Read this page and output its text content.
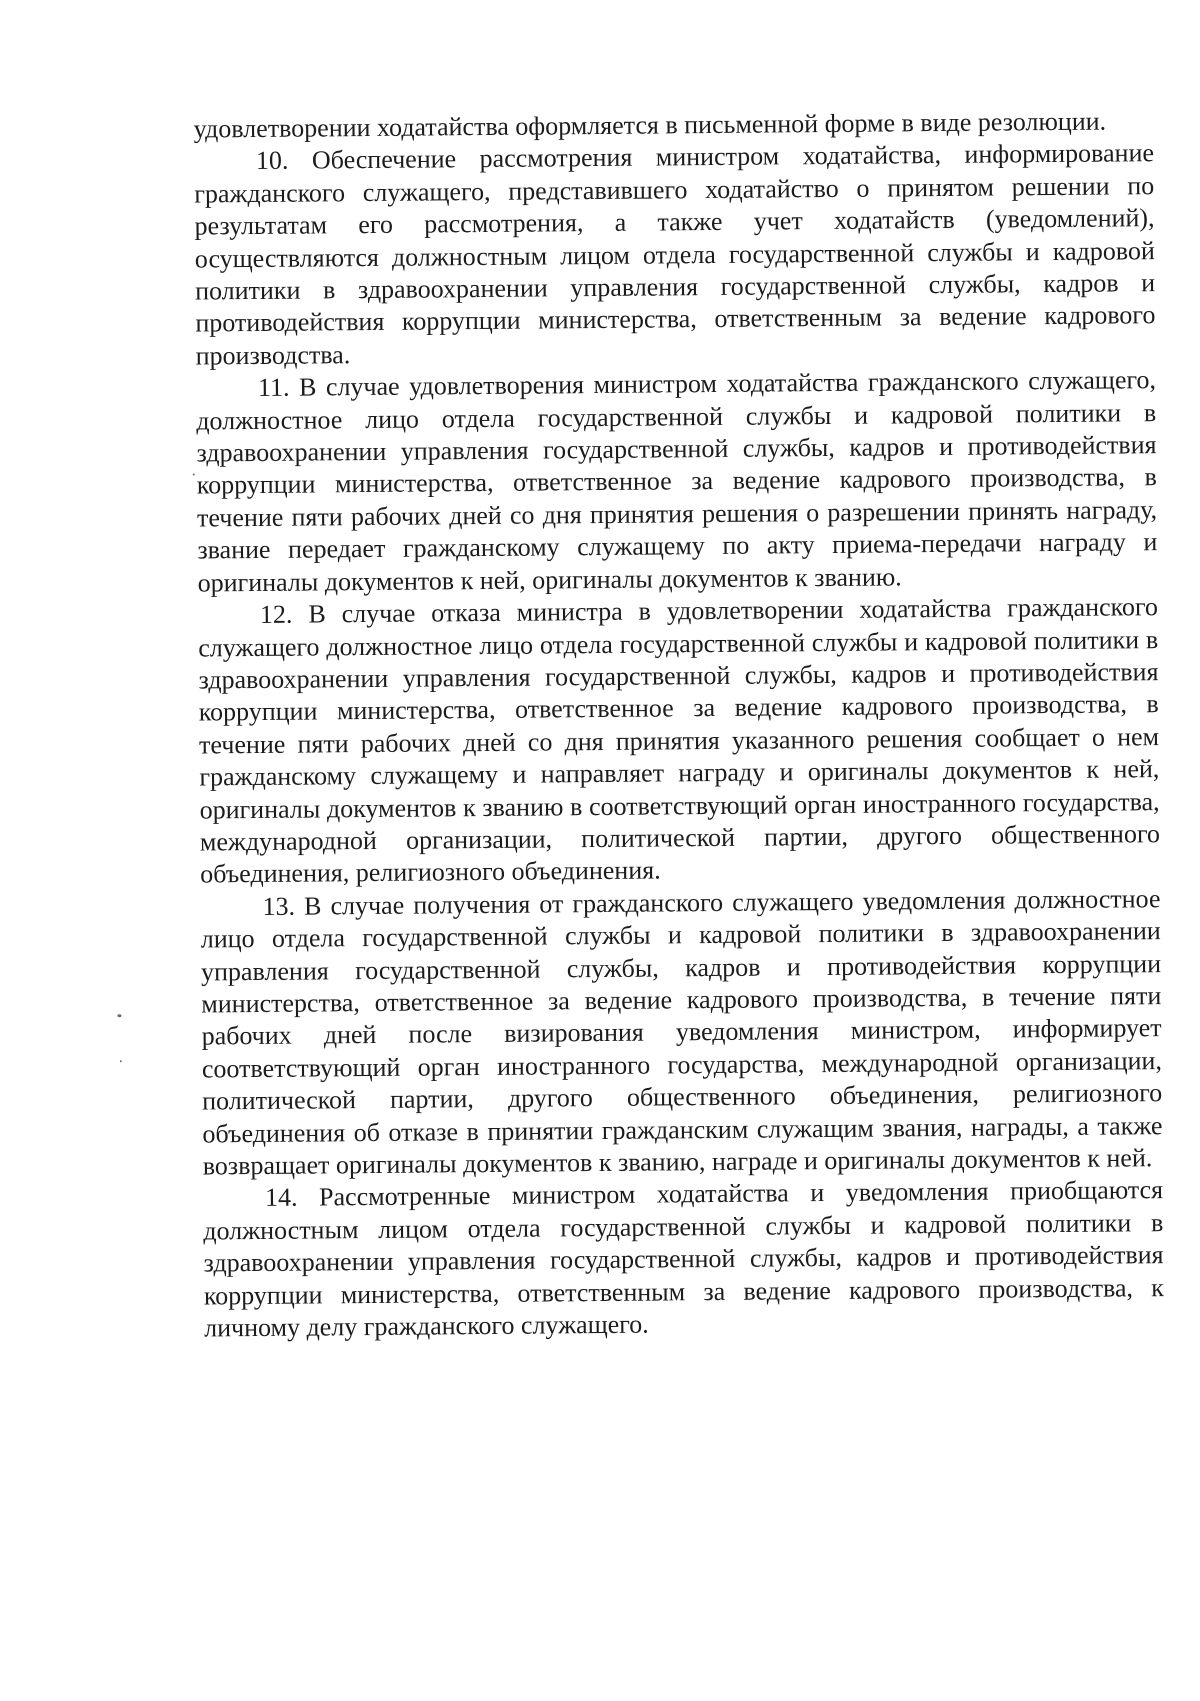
удовлетворении ходатайства оформляется в письменной форме в виде резолюции.

10. Обеспечение рассмотрения министром ходатайства, информирование гражданского служащего, представившего ходатайство о принятом решении по результатам его рассмотрения, а также учет ходатайств (уведомлений), осуществляются должностным лицом отдела государственной службы и кадровой политики в здравоохранении управления государственной службы, кадров и противодействия коррупции министерства, ответственным за ведение кадрового производства.

11. В случае удовлетворения министром ходатайства гражданского служащего, должностное лицо отдела государственной службы и кадровой политики в здравоохранении управления государственной службы, кадров и противодействия коррупции министерства, ответственное за ведение кадрового производства, в течение пяти рабочих дней со дня принятия решения о разрешении принять награду, звание передает гражданскому служащему по акту приема-передачи награду и оригиналы документов к ней, оригиналы документов к званию.

12. В случае отказа министра в удовлетворении ходатайства гражданского служащего должностное лицо отдела государственной службы и кадровой политики в здравоохранении управления государственной службы, кадров и противодействия коррупции министерства, ответственное за ведение кадрового производства, в течение пяти рабочих дней со дня принятия указанного решения сообщает о нем гражданскому служащему и направляет награду и оригиналы документов к ней, оригиналы документов к званию в соответствующий орган иностранного государства, международной организации, политической партии, другого общественного объединения, религиозного объединения.

13. В случае получения от гражданского служащего уведомления должностное лицо отдела государственной службы и кадровой политики в здравоохранении управления государственной службы, кадров и противодействия коррупции министерства, ответственное за ведение кадрового производства, в течение пяти рабочих дней после визирования уведомления министром, информирует соответствующий орган иностранного государства, международной организации, политической партии, другого общественного объединения, религиозного объединения об отказе в принятии гражданским служащим звания, награды, а также возвращает оригиналы документов к званию, награде и оригиналы документов к ней.

14. Рассмотренные министром ходатайства и уведомления приобщаются должностным лицом отдела государственной службы и кадровой политики в здравоохранении управления государственной службы, кадров и противодействия коррупции министерства, ответственным за ведение кадрового производства, к личному делу гражданского служащего.
